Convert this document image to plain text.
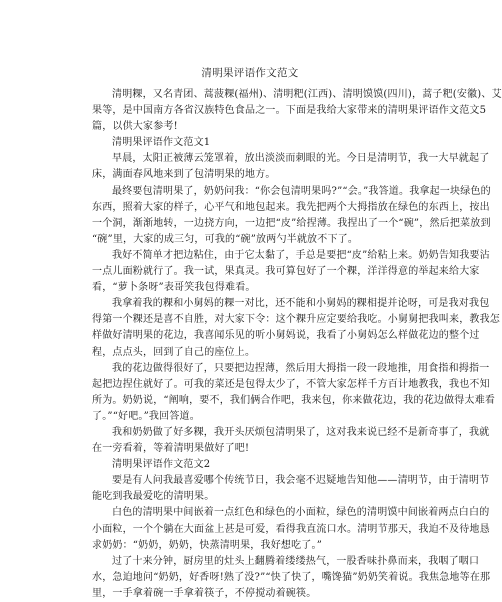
清明果评语作文范文
清明粿，又名青团、蒿菠粿(福州)、清明粑(江西)、清明馍馍(四川)，蒿子粑(安徽)、艾
果等，是中国南方各省汉族特色食品之一。下面是我给大家带来的清明果评语作文范文5
篇，以供大家参考!
清明果评语作文范文1
早晨，太阳正被薄云笼罩着，放出淡淡而刺眼的光。今日是清明节，我一大早就起了
床，满面春风地来到了包清明果的地方。
最终要包清明果了，奶奶问我：“你会包清明果吗?”“会。”我答道。我拿起一块绿色的
东西，照着大家的样子，心平气和地包起来。我先把两个大拇指放在绿色的东西上，按出
一个洞，渐渐地转，一边挠方向，一边把“皮”给捏薄。我捏出了一个“碗”，然后把菜放到
“碗”里，大家的成三匀，可我的“碗”放两勺半就放不下了。
我好不简单才把边粘住，由于它太黏了，手总是要把“皮”给粘上来。奶奶告知我要沾
一点儿面粉就行了。我一试，果真灵。我可算包好了一个粿，洋洋得意的举起来给大家
看，“萝卜条呀”表哥笑我包得难看。
我拿着我的粿和小舅妈的粿一对比，还不能和小舅妈的粿相提并论呀，可是我对我包
得第一个粿还是喜不自胜，对大家下令：这个粿升应定要给我吃。小舅舅把我叫来，教我怎
样做好清明果的花边，我喜闻乐见的听小舅妈说，我看了小舅妈怎么样做花边的整个过
程，点点头，回到了自己的座位上。
我的花边做得很好了，只要把边捏薄，然后用大拇指一段一段地推，用食指和拇指一
起把边捏住就好了。可我的菜还是包得太少了，不管大家怎样千方百计地教我，我也不知
所为。奶奶说，“阐响，要不，我们俩合作吧，我来包，你来做花边，我的花边做得太难看
了。”“好吧。”我回答道。
我和奶奶做了好多粿，我开头厌烦包清明果了，这对我来说已经不是新奇事了，我就
在一旁看着，等着清明果做好了吧!
清明果评语作文范文2
要是有人问我最喜爱哪个传统节日，我会毫不迟疑地告知他——清明节，由于清明节
能吃到我最爱吃的清明果。
白色的清明果中间嵌着一点红色和绿色的小面粒，绿色的清明馍中间嵌着两点白白的
小面粒，一个个躺在大面盆上甚是可爱，看得我直流口水。清明节那天，我迫不及待地恳
求奶奶：“奶奶，奶奶，快蒸清明果，我好想吃了。”
过了十来分钟，厨房里的灶头上翻腾着缕缕热气，一股香味扑鼻而来，我咽了咽口
水，急迫地问“奶奶，好香呀!熟了没?”“快了快了，嘴馋猫”奶奶笑着说。我焦急地等在那
里，一手拿着碗一手拿着筷子，不停搅动着碗筷。
